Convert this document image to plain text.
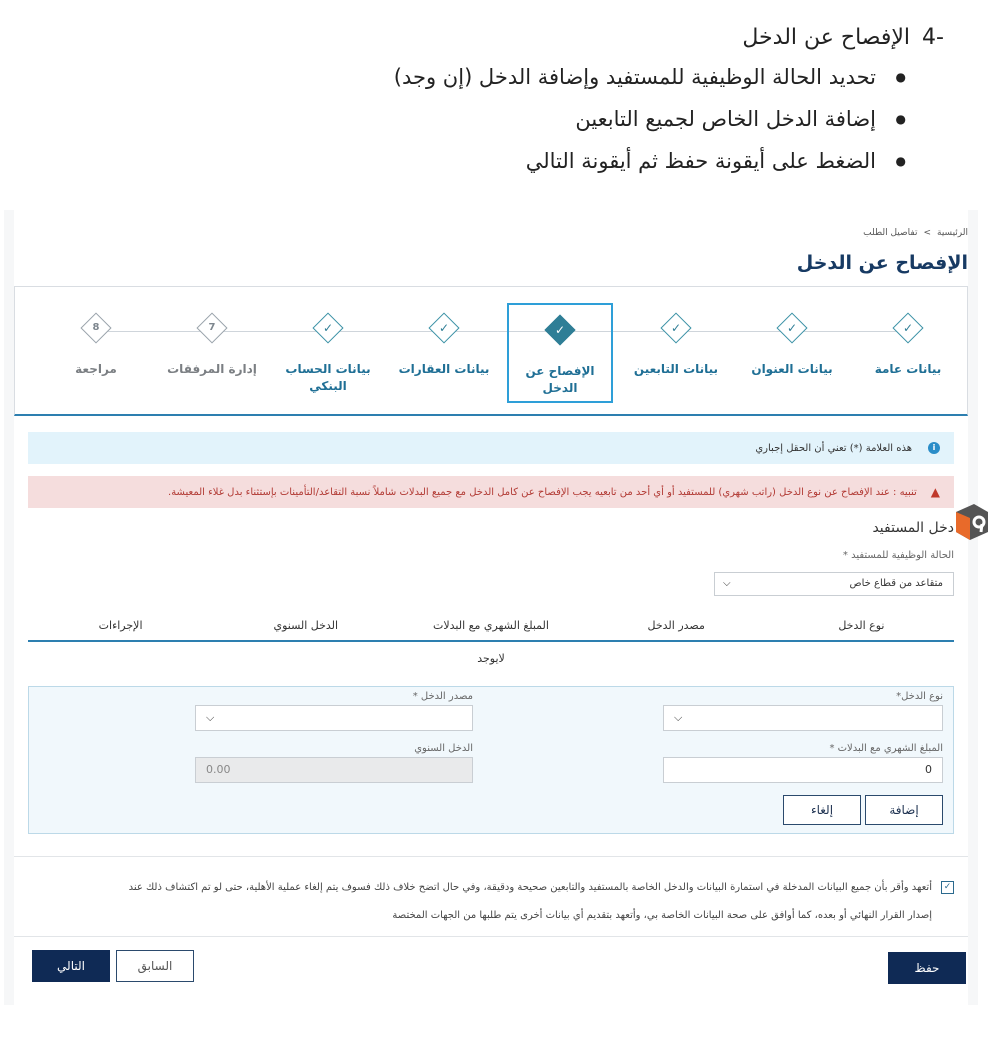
-4الإفصاح عن الدخل
● تحديد الحالة الوظيفية للمستفيد وإضافة الدخل (إن وجد)
● إضافة الدخل الخاص لجميع التابعين
● الضغط على أيقونة حفظ ثم أيقونة التالي
الرئيسية
>
تفاصيل الطلب
الإفصاح عن الدخل
✓
بيانات عامة
✓
بيانات العنوان
✓
بيانات التابعين
✓
الإفصاح عن الدخل
✓
بيانات العقارات
✓
بيانات الحساب البنكي
7
إدارة المرفقات
8
مراجعة
i
هذه العلامة (*) تعني أن الحقل إجباري
▲
تنبيه : عند الإفصاح عن نوع الدخل (راتب شهري) للمستفيد أو أي أحد من تابعيه يجب الإفصاح عن كامل الدخل مع جميع البدلات شاملاً نسبة التقاعد/التأمينات بإستثناء بدل غلاء المعيشة.
دخل المستفيد
الحالة الوظيفية للمستفيد *
متقاعد من قطاع خاص
⌵
نوع الدخل
مصدر الدخل
المبلغ الشهري مع البدلات
الدخل السنوي
الإجراءات
لايوجد
نوع الدخل*
⌵
مصدر الدخل *
⌵
المبلغ الشهري مع البدلات *
0
الدخل السنوي
0.00
إضافة
إلغاء
✓
أتعهد وأقر بأن جميع البيانات المدخلة في استمارة البيانات والدخل الخاصة بالمستفيد والتابعين صحيحة ودقيقة، وفي حال اتضح خلاف ذلك فسوف يتم إلغاء عملية الأهلية، حتى لو تم اكتشاف ذلك عند
إصدار القرار النهائي أو بعده، كما أوافق على صحة البيانات الخاصة بي، وأتعهد بتقديم أي بيانات أخرى يتم طلبها من الجهات المختصة
حفظ
السابق
التالي
